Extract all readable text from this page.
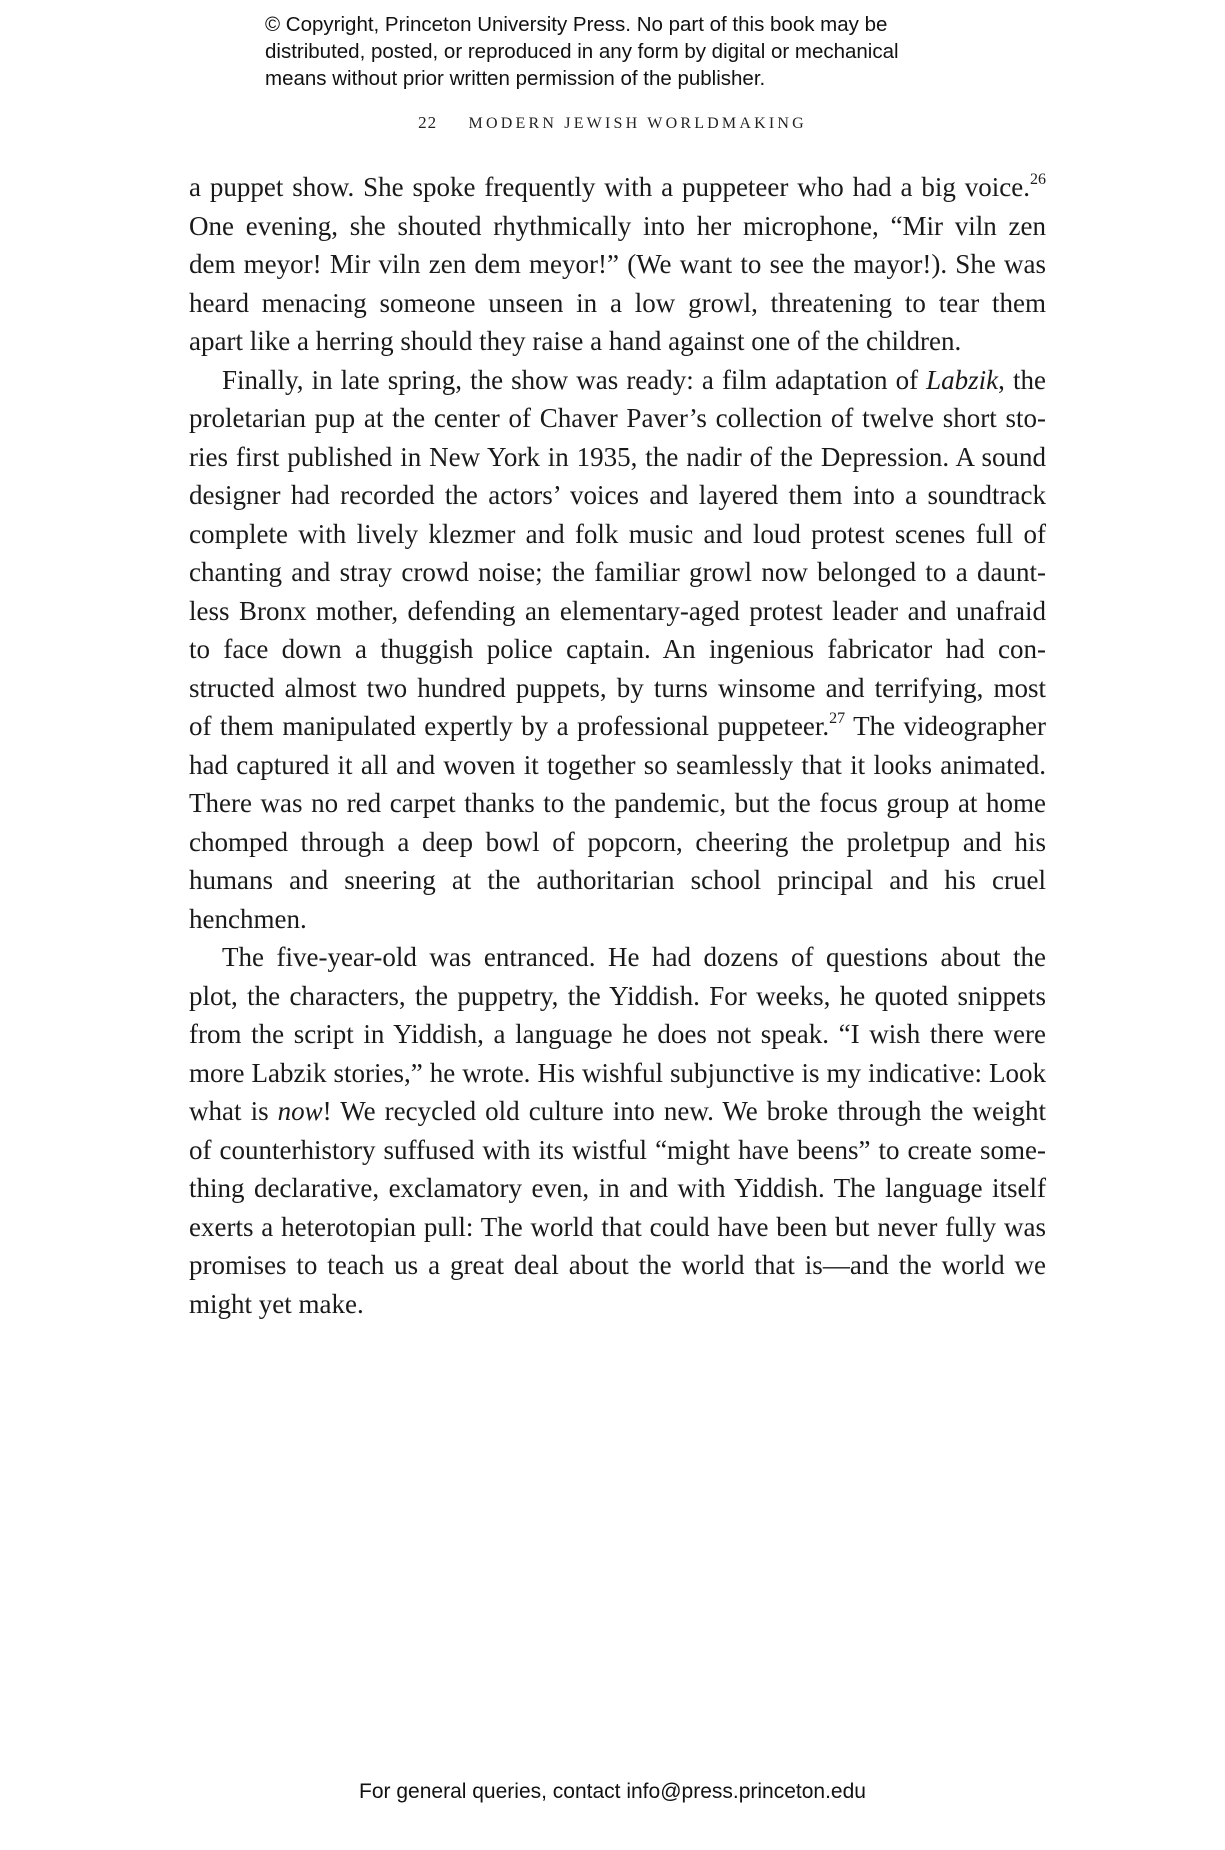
© Copyright, Princeton University Press. No part of this book may be
distributed, posted, or reproduced in any form by digital or mechanical
means without prior written permission of the publisher.
22 MODERN JEWISH WORLDMAKING
a puppet show. She spoke frequently with a puppeteer who had a big voice.$^{26}$
One evening, she shouted rhythmically into her microphone, “Mir viln zen
dem meyor! Mir viln zen dem meyor!” (We want to see the mayor!). She was
heard menacing someone unseen in a low growl, threatening to tear them
apart like a herring should they raise a hand against one of the children.
Finally, in late spring, the show was ready: a film adaptation of Labzik, the
proletarian pup at the center of Chaver Paver’s collection of twelve short sto-
ries first published in New York in 1935, the nadir of the Depression. A sound
designer had recorded the actors’ voices and layered them into a soundtrack
complete with lively klezmer and folk music and loud protest scenes full of
chanting and stray crowd noise; the familiar growl now belonged to a daunt-
less Bronx mother, defending an elementary-aged protest leader and unafraid
to face down a thuggish police captain. An ingenious fabricator had con-
structed almost two hundred puppets, by turns winsome and terrifying, most
of them manipulated expertly by a professional puppeteer.$^{27}$ The videographer
had captured it all and woven it together so seamlessly that it looks animated.
There was no red carpet thanks to the pandemic, but the focus group at home
chomped through a deep bowl of popcorn, cheering the proletpup and his
humans and sneering at the authoritarian school principal and his cruel
henchmen.
The five-year-old was entranced. He had dozens of questions about the
plot, the characters, the puppetry, the Yiddish. For weeks, he quoted snippets
from the script in Yiddish, a language he does not speak. “I wish there were
more Labzik stories,” he wrote. His wishful subjunctive is my indicative: Look
what is now! We recycled old culture into new. We broke through the weight
of counterhistory suffused with its wistful “might have beens” to create some-
thing declarative, exclamatory even, in and with Yiddish. The language itself
exerts a heterotopian pull: The world that could have been but never fully was
promises to teach us a great deal about the world that is—and the world we
might yet make.
For general queries, contact info@press.princeton.edu
